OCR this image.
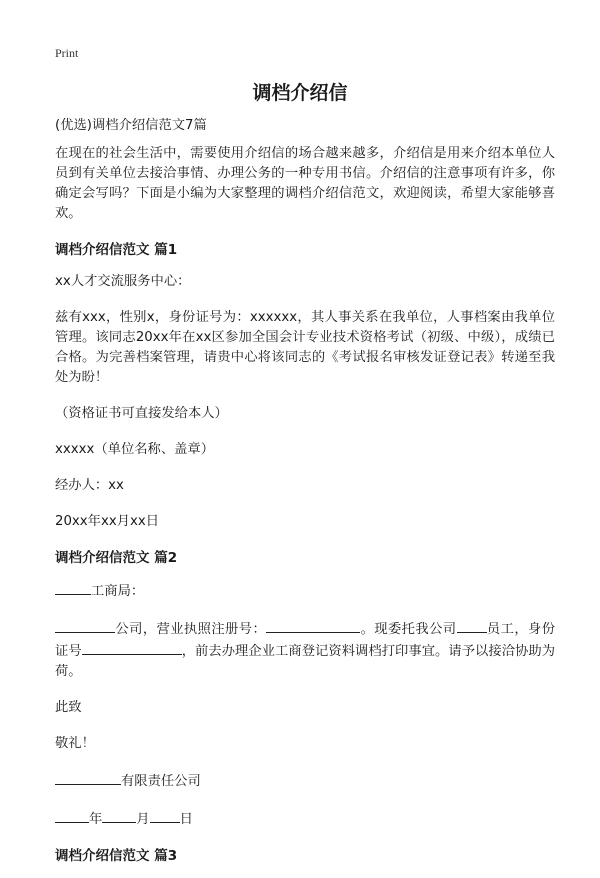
Print
调档介绍信

(优选)调档介绍信范文7篇

在现在的社会生活中，需要使用介绍信的场合越来越多，介绍信是用来介绍本单位人员到有关单位去接洽事情、办理公务的一种专用书信。介绍信的注意事项有许多，你确定会写吗？下面是小编为大家整理的调档介绍信范文，欢迎阅读，希望大家能够喜欢。

调档介绍信范文 篇1

xx人才交流服务中心：

兹有xxx，性别x，身份证号为：xxxxxx，其人事关系在我单位，人事档案由我单位管理。该同志20xx年在xx区参加全国会计专业技术资格考试（初级、中级），成绩已合格。为完善档案管理，请贵中心将该同志的《考试报名审核发证登记表》转递至我处为盼！

（资格证书可直接发给本人）

xxxxx（单位名称、盖章）

经办人：xx

20xx年xx月xx日

调档介绍信范文 篇2

工商局：

公司，营业执照注册号：	。现委托我公司 员工，身份证号	，前去办理企业工商登记资料调档打印事宜。请予以接洽协助为荷。

此致

敬礼！

有限责任公司

年	月 日

调档介绍信范文 篇3
